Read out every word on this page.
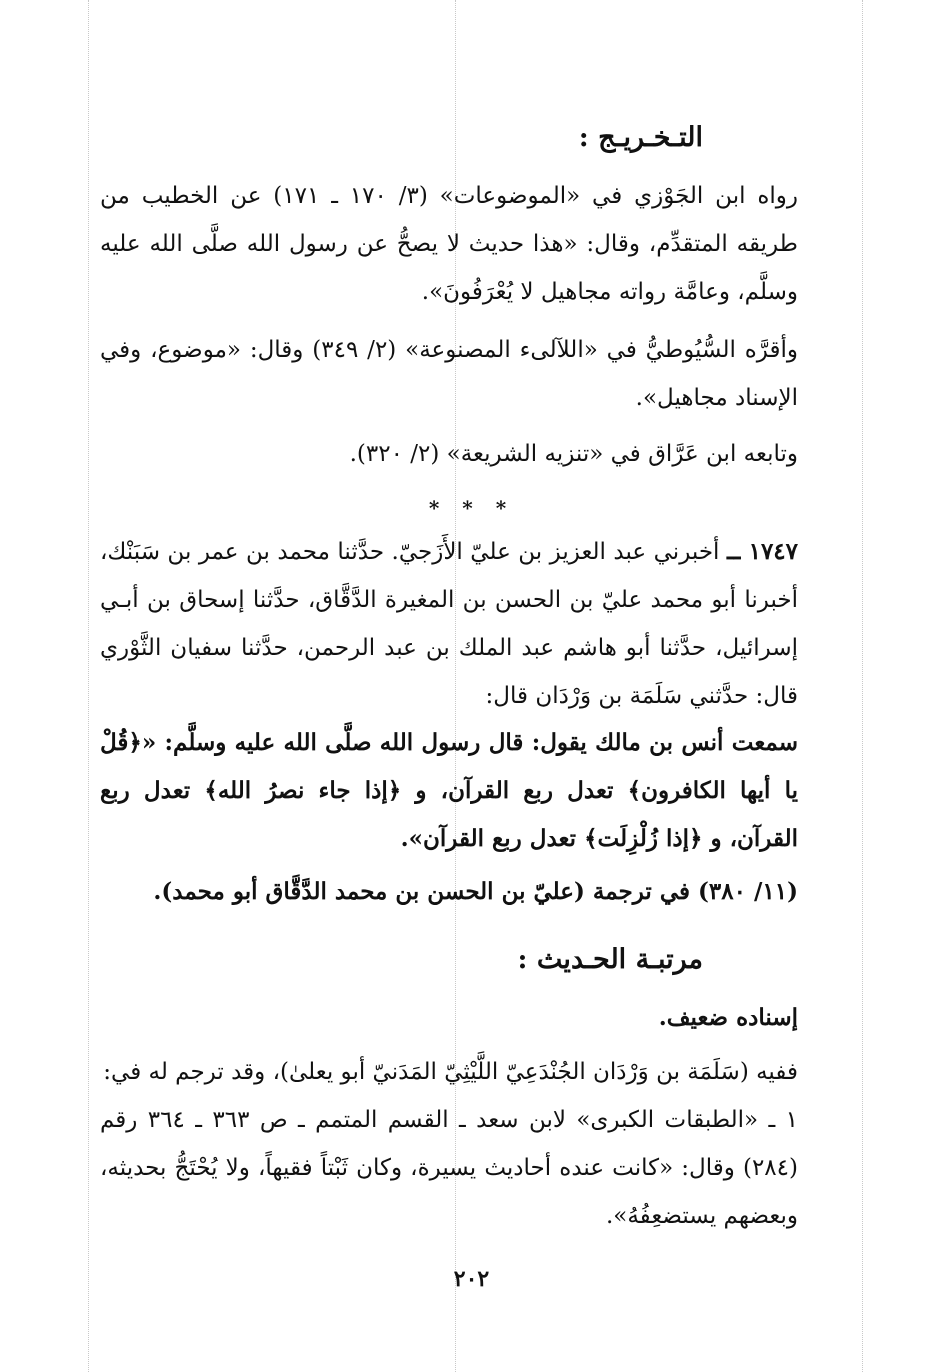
التـخـريـج :

رواه ابن الجَوْزي في «الموضوعات» (٣/ ١٧٠ ـ ١٧١) عن الخطيب من طريقه المتقدِّم، وقال: «هذا حديث لا يصحُّ عن رسول الله صلَّى الله عليه وسلَّم، وعامَّة رواته مجاهيل لا يُعْرَفُونَ».

وأقرَّه السُّيُوطيُّ في «اللآلىء المصنوعة» (٢/ ٣٤٩) وقال: «موضوع، وفي الإسناد مجاهيل».

وتابعه ابن عَرَّاق في «تنزيه الشريعة» (٢/ ٣٢٠).

* * *

١٧٤٧ ــ أخبرني عبد العزيز بن عليّ الأَزَجيّ. حدَّثنا محمد بن عمر بن سَبَنْك، أخبرنا أبو محمد عليّ بن الحسن بن المغيرة الدَّقَّاق، حدَّثنا إسحاق بن أبـي إسرائيل، حدَّثنا أبو هاشم عبد الملك بن عبد الرحمن، حدَّثنا سفيان الثَّوْري قال: حدَّثني سَلَمَة بن وَرْدَان قال:

سمعت أنس بن مالك يقول: قال رسول الله صلَّى الله عليه وسلَّم: «﴿قُلْ يا أيها الكافرون﴾ تعدل ربع القرآن، و ﴿إذا جاء نصرُ الله﴾ تعدل ربع القرآن، و ﴿إذا زُلْزِلَت﴾ تعدل ربع القرآن».

(١١/ ٣٨٠) في ترجمة (عليّ بن الحسن بن محمد الدَّقَّاق أبو محمد).

مرتبـة الحـديث :

إسناده ضعيف.

ففيه (سَلَمَة بن وَرْدَان الجُنْدَعِيّ اللَّيْثِيّ المَدَنيّ أبو يعلىٰ)، وقد ترجم له في:

١ ـ «الطبقات الكبرى» لابن سعد ـ القسم المتمم ـ ص ٣٦٣ ـ ٣٦٤ رقم (٢٨٤) وقال: «كانت عنده أحاديث يسيرة، وكان ثَبْتاً فقيهاً، ولا يُحْتَجُّ بحديثه، وبعضهم يستضعِفُهُ».

٢٠٢
